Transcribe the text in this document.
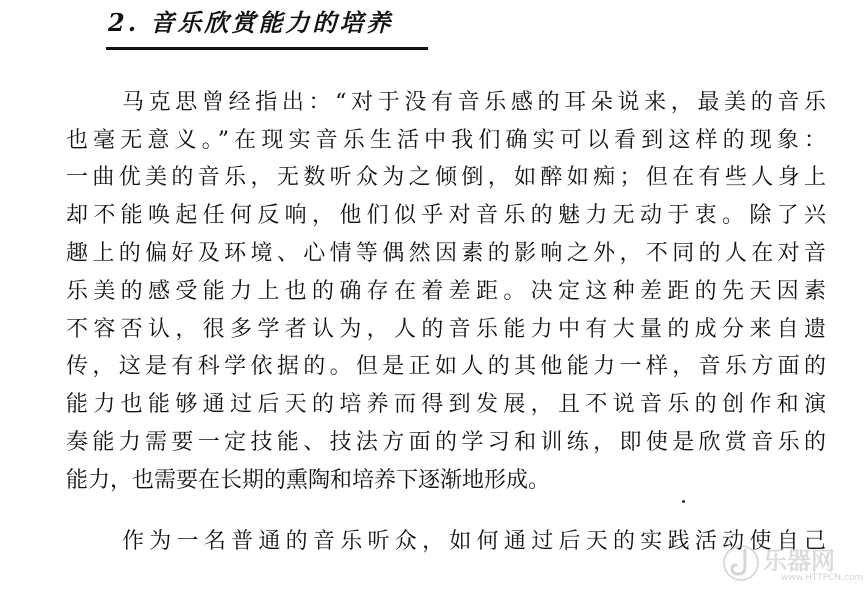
2. 音乐欣赏能力的培养
马克思曾经指出：“对于没有音乐感的耳朵说来，最美的音乐
也毫无意义。”在现实音乐生活中我们确实可以看到这样的现象：
一曲优美的音乐，无数听众为之倾倒，如醉如痴；但在有些人身上
却不能唤起任何反响，他们似乎对音乐的魅力无动于衷。除了兴
趣上的偏好及环境、心情等偶然因素的影响之外，不同的人在对音
乐美的感受能力上也的确存在着差距。决定这种差距的先天因素
不容否认，很多学者认为，人的音乐能力中有大量的成分来自遗
传，这是有科学依据的。但是正如人的其他能力一样，音乐方面的
能力也能够通过后天的培养而得到发展，且不说音乐的创作和演
奏能力需要一定技能、技法方面的学习和训练，即使是欣赏音乐的
能力，也需要在长期的熏陶和培养下逐渐地形成。
作为一名普通的音乐听众，如何通过后天的实践活动使自己
乐器网
www.HTTPCN.com
